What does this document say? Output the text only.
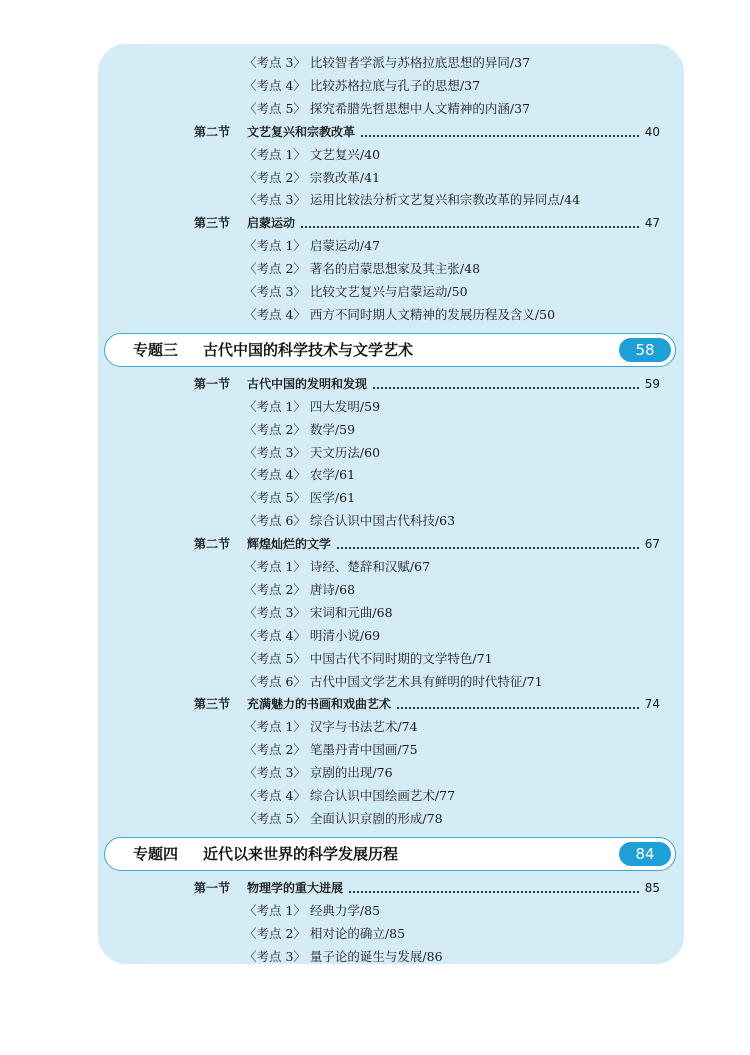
〈考点 3〉 比较智者学派与苏格拉底思想的异同/37
〈考点 4〉 比较苏格拉底与孔子的思想/37
〈考点 5〉 探究希腊先哲思想中人文精神的内涵/37
第二节	文艺复兴和宗教改革	40
〈考点 1〉 文艺复兴/40
〈考点 2〉 宗教改革/41
〈考点 3〉 运用比较法分析文艺复兴和宗教改革的异同点/44
第三节	启蒙运动	47
〈考点 1〉 启蒙运动/47
〈考点 2〉 著名的启蒙思想家及其主张/48
〈考点 3〉 比较文艺复兴与启蒙运动/50
〈考点 4〉 西方不同时期人文精神的发展历程及含义/50
专题三	古代中国的科学技术与文学艺术	58
第一节	古代中国的发明和发现	59
〈考点 1〉 四大发明/59
〈考点 2〉 数学/59
〈考点 3〉 天文历法/60
〈考点 4〉 农学/61
〈考点 5〉 医学/61
〈考点 6〉 综合认识中国古代科技/63
第二节	辉煌灿烂的文学	67
〈考点 1〉 诗经、楚辞和汉赋/67
〈考点 2〉 唐诗/68
〈考点 3〉 宋词和元曲/68
〈考点 4〉 明清小说/69
〈考点 5〉 中国古代不同时期的文学特色/71
〈考点 6〉 古代中国文学艺术具有鲜明的时代特征/71
第三节	充满魅力的书画和戏曲艺术	74
〈考点 1〉 汉字与书法艺术/74
〈考点 2〉 笔墨丹青中国画/75
〈考点 3〉 京剧的出现/76
〈考点 4〉 综合认识中国绘画艺术/77
〈考点 5〉 全面认识京剧的形成/78
专题四	近代以来世界的科学发展历程	84
第一节	物理学的重大进展	85
〈考点 1〉 经典力学/85
〈考点 2〉 相对论的确立/85
〈考点 3〉 量子论的诞生与发展/86
